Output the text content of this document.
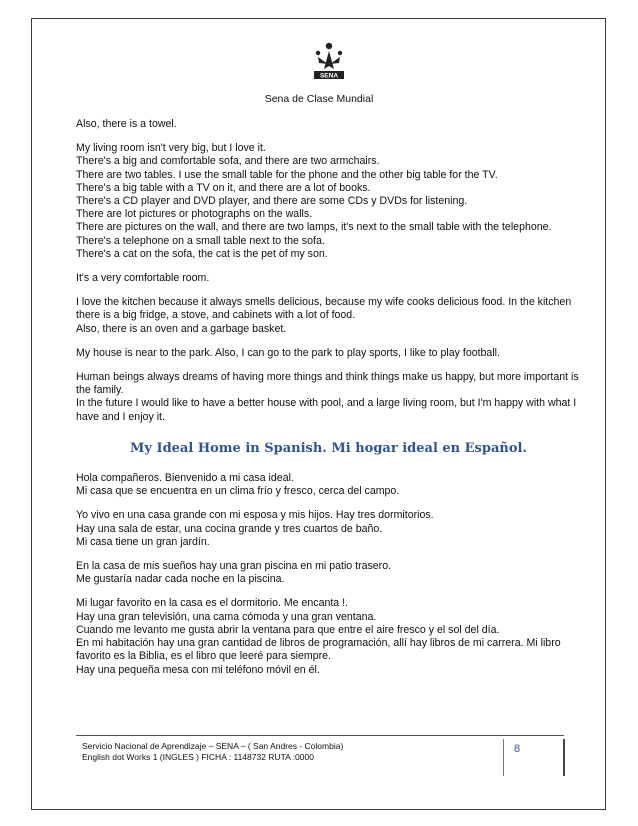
SENA
Sena de Clase Mundial

Also, there is a towel.

My living room isn't very big, but I love it.
There's a big and comfortable sofa, and there are two armchairs.
There are two tables. I use the small table for the phone and the other big table for the TV.
There's a big table with a TV on it, and there are a lot of books.
There's a CD player and DVD player, and there are some CDs y DVDs for listening.
There are lot pictures or photographs on the walls.
There are pictures on the wall, and there are two lamps, it's next to the small table with the telephone.
There's a telephone on a small table next to the sofa.
There's a cat on the sofa, the cat is the pet of my son.

It's a very comfortable room.

I love the kitchen because it always smells delicious, because my wife cooks delicious food. In the kitchen there is a big fridge, a stove, and cabinets with a lot of food.
Also, there is an oven and a garbage basket.

My house is near to the park. Also, I can go to the park to play sports, I like to play football.

Human beings always dreams of having more things and think things make us happy, but more important is the family.
In the future I would like to have a better house with pool, and a large living room, but I'm happy with what I have and I enjoy it.

My Ideal Home in Spanish. Mi hogar ideal en Español.

Hola compañeros. Bienvenido a mi casa ideal.
Mi casa que se encuentra en un clima frío y fresco, cerca del campo.

Yo vivo en una casa grande con mi esposa y mis hijos. Hay tres dormitorios.
Hay una sala de estar, una cocina grande y tres cuartos de baño.
Mi casa tiene un gran jardín.

En la casa de mis sueños hay una gran piscina en mi patio trasero.
Me gustaría nadar cada noche en la piscina.

Mi lugar favorito en la casa es el dormitorio. Me encanta !.
Hay una gran televisión, una cama cómoda y una gran ventana.
Cuando me levanto me gusta abrir la ventana para que entre el aire fresco y el sol del día.
En mi habitación hay una gran cantidad de libros de programación, allí hay libros de mi carrera. Mi libro favorito es la Biblia, es el libro que leeré para siempre.
Hay una pequeña mesa con mi teléfono móvil en él.

Servicio Nacional de Aprendizaje – SENA – ( San Andres - Colombia)
English dot Works 1 (INGLES ) FICHA : 1148732 RUTA :0000
8
